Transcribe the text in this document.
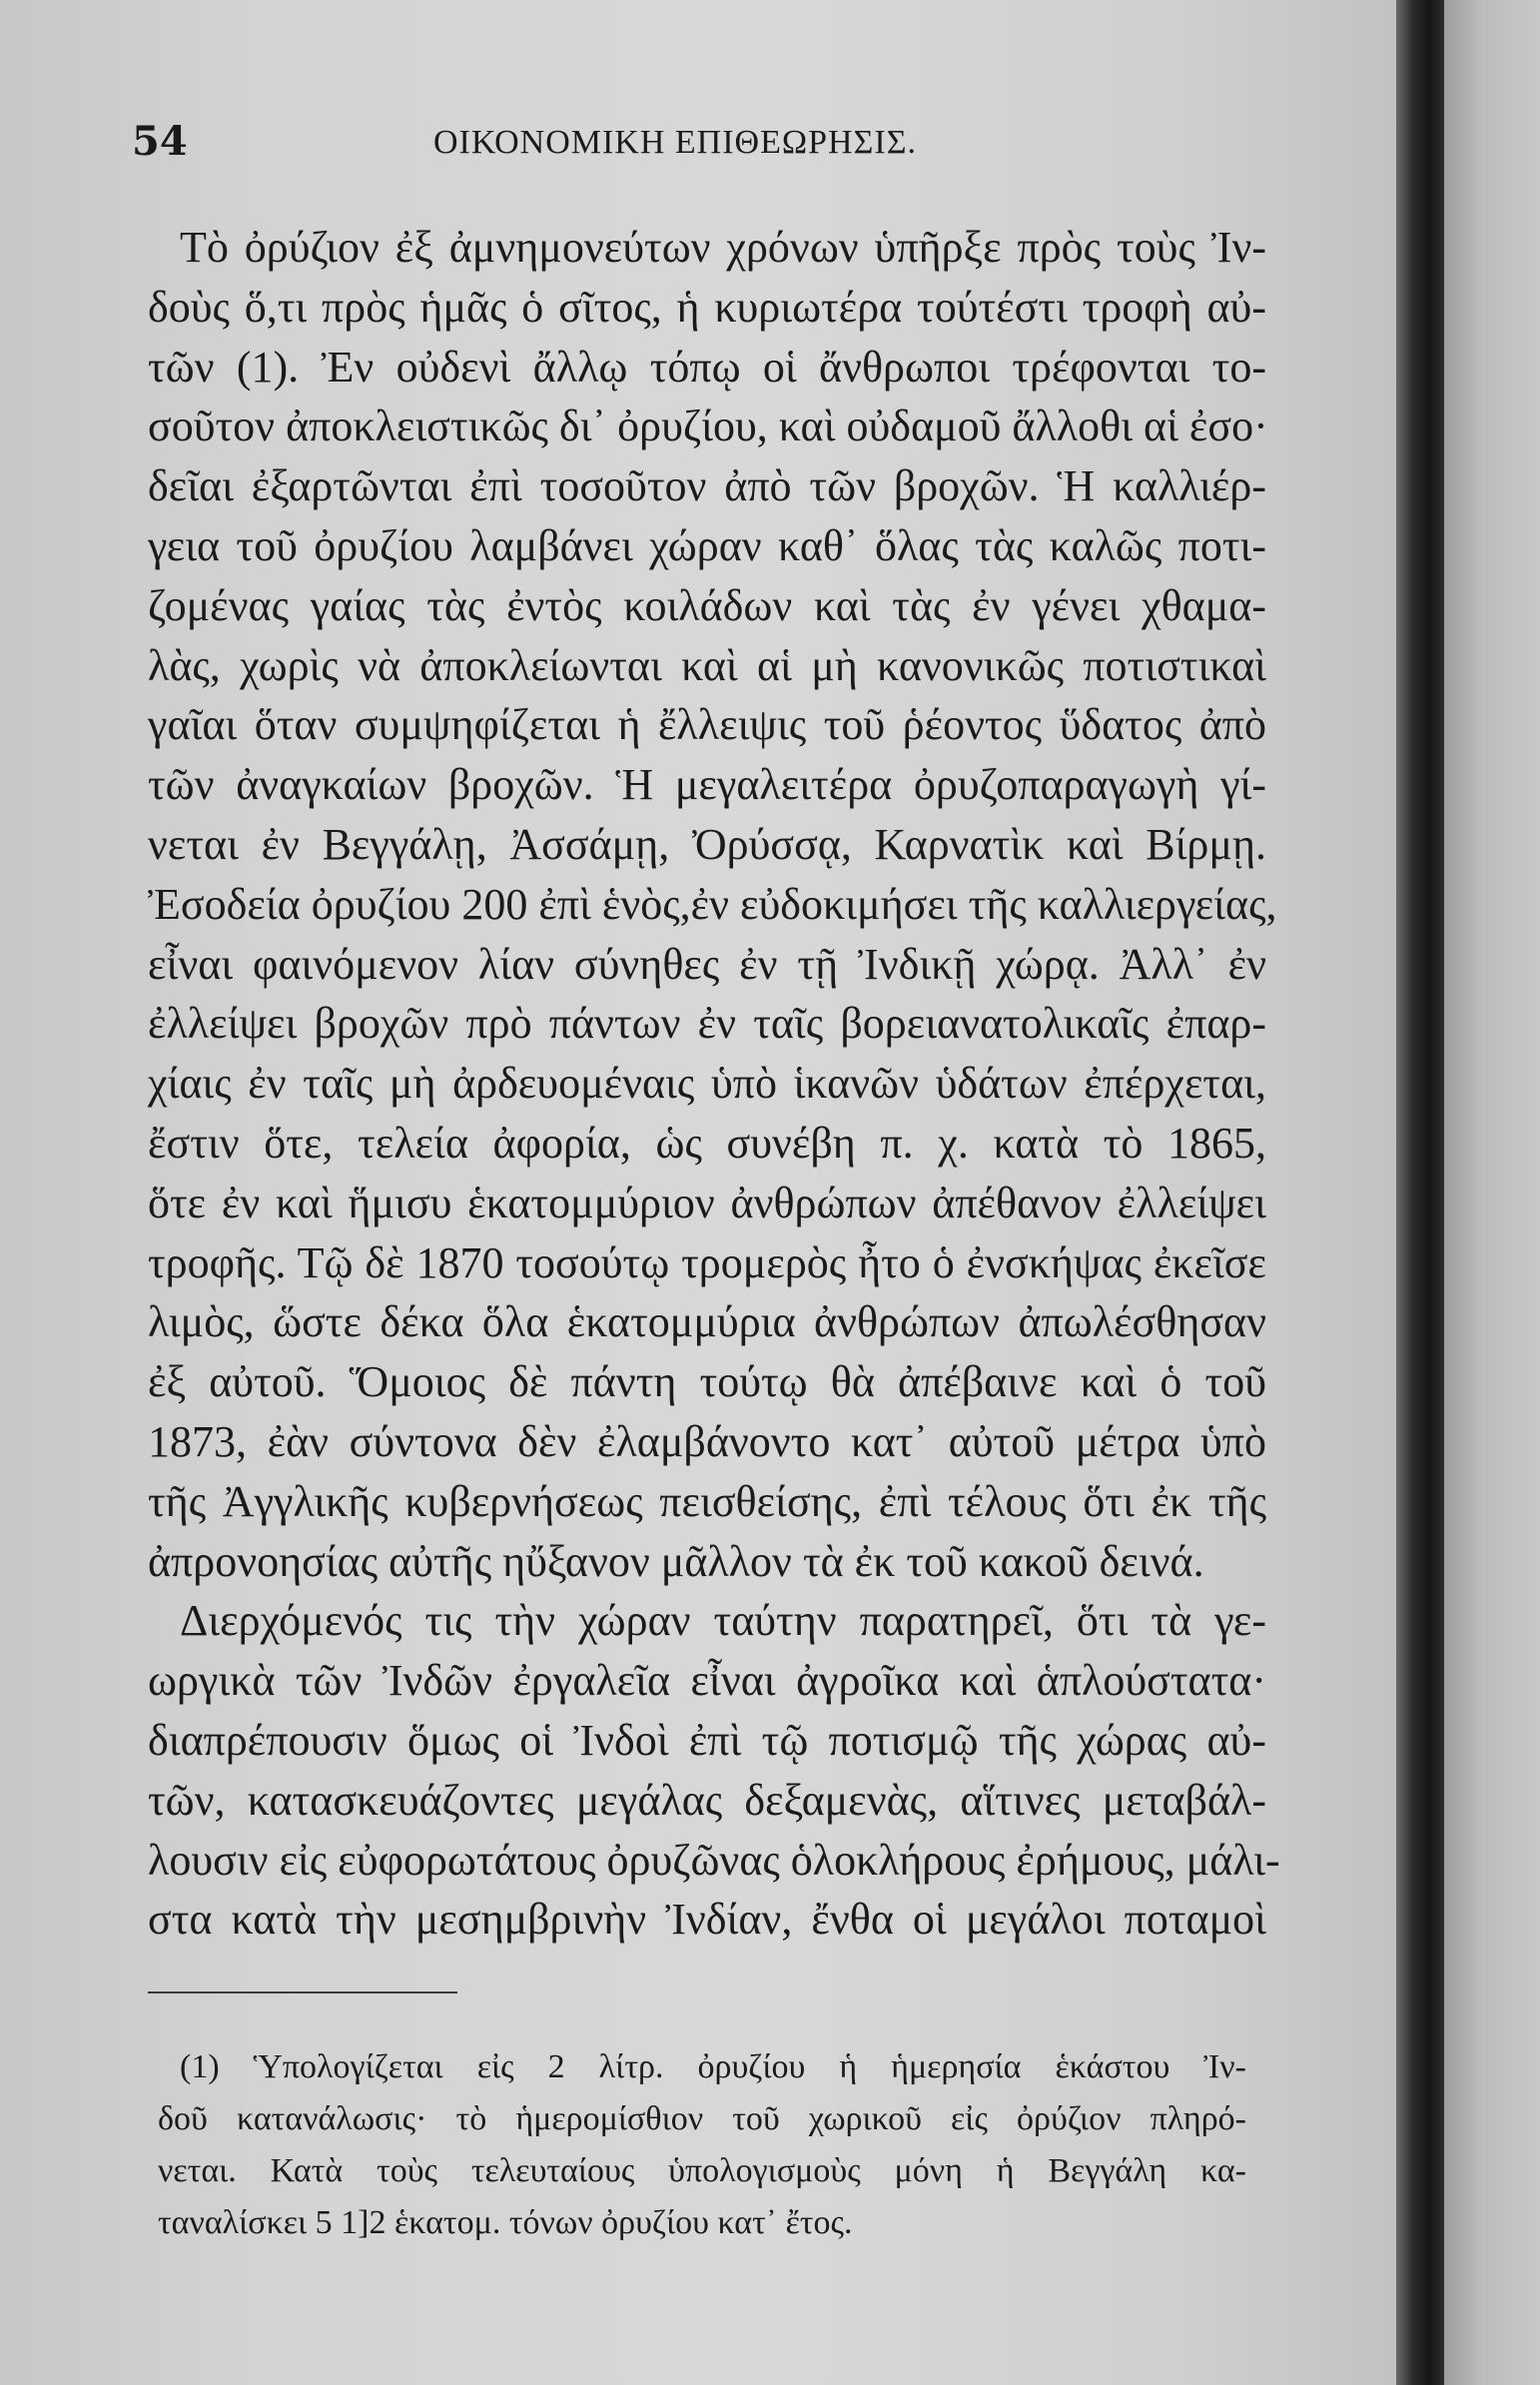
54	ΟΙΚΟΝΟΜΙΚΗ ΕΠΙΘΕΩΡΗΣΙΣ.
Τὸ ὀρύζιον ἐξ ἀμνημονεύτων χρόνων ὑπῆρξε πρὸς τοὺς Ἰν-
δοὺς ὅ,τι πρὸς ἡμᾶς ὁ σῖτος, ἡ κυριωτέρα τούτέστι τροφὴ αὐ-
τῶν (1). Ἐν οὐδενὶ ἄλλῳ τόπῳ οἱ ἄνθρωποι τρέφονται το-
σοῦτον ἀποκλειστικῶς δι᾿ ὀρυζίου, καὶ οὐδαμοῦ ἄλλοθι αἱ ἐσο·
δεῖαι ἐξαρτῶνται ἐπὶ τοσοῦτον ἀπὸ τῶν βροχῶν. Ἡ καλλιέρ-
γεια τοῦ ὀρυζίου λαμβάνει χώραν καθ᾿ ὅλας τὰς καλῶς ποτι-
ζομένας γαίας τὰς ἐντὸς κοιλάδων καὶ τὰς ἐν γένει χθαμα-
λὰς, χωρὶς νὰ ἀποκλείωνται καὶ αἱ μὴ κανονικῶς ποτιστικαὶ
γαῖαι ὅταν συμψηφίζεται ἡ ἔλλειψις τοῦ ῥέοντος ὕδατος ἀπὸ
τῶν ἀναγκαίων βροχῶν. Ἡ μεγαλειτέρα ὀρυζοπαραγωγὴ γί-
νεται ἐν Βεγγάλῃ, Ἀσσάμῃ, Ὀρύσσᾳ, Καρνατὶκ καὶ Βίρμῃ.
Ἐσοδεία ὀρυζίου 200 ἐπὶ ἑνὸς,ἐν εὐδοκιμήσει τῆς καλλιεργείας,
εἶναι φαινόμενον λίαν σύνηθες ἐν τῇ Ἰνδικῇ χώρᾳ. Ἀλλ᾿ ἐν
ἐλλείψει βροχῶν πρὸ πάντων ἐν ταῖς βορειανατολικαῖς ἐπαρ-
χίαις ἐν ταῖς μὴ ἀρδευομέναις ὑπὸ ἱκανῶν ὑδάτων ἐπέρχεται,
ἔστιν ὅτε, τελεία ἀφορία, ὡς συνέβη π. χ. κατὰ τὸ 1865,
ὅτε ἐν καὶ ἥμισυ ἑκατομμύριον ἀνθρώπων ἀπέθανον ἐλλείψει
τροφῆς. Τῷ δὲ 1870 τοσούτῳ τρομερὸς ἦτο ὁ ἐνσκήψας ἐκεῖσε
λιμὸς, ὥστε δέκα ὅλα ἑκατομμύρια ἀνθρώπων ἀπωλέσθησαν
ἐξ αὐτοῦ. Ὅμοιος δὲ πάντη τούτῳ θὰ ἀπέβαινε καὶ ὁ τοῦ
1873, ἐὰν σύντονα δὲν ἐλαμβάνοντο κατ᾿ αὐτοῦ μέτρα ὑπὸ
τῆς Ἀγγλικῆς κυβερνήσεως πεισθείσης, ἐπὶ τέλους ὅτι ἐκ τῆς
ἀπρονοησίας αὐτῆς ηὔξανον μᾶλλον τὰ ἐκ τοῦ κακοῦ δεινά.
Διερχόμενός τις τὴν χώραν ταύτην παρατηρεῖ, ὅτι τὰ γε-
ωργικὰ τῶν Ἰνδῶν ἐργαλεῖα εἶναι ἀγροῖκα καὶ ἁπλούστατα·
διαπρέπουσιν ὅμως οἱ Ἰνδοὶ ἐπὶ τῷ ποτισμῷ τῆς χώρας αὐ-
τῶν, κατασκευάζοντες μεγάλας δεξαμενὰς, αἵτινες μεταβάλ-
λουσιν εἰς εὐφορωτάτους ὀρυζῶνας ὁλοκλήρους ἐρήμους, μάλι-
στα κατὰ τὴν μεσημβρινὴν Ἰνδίαν, ἔνθα οἱ μεγάλοι ποταμοὶ
(1) Ὑπολογίζεται εἰς 2 λίτρ. ὀρυζίου ἡ ἡμερησία ἑκάστου Ἰν-
δοῦ κατανάλωσις· τὸ ἡμερομίσθιον τοῦ χωρικοῦ εἰς ὀρύζιον πληρό-
νεται. Κατὰ τοὺς τελευταίους ὑπολογισμοὺς μόνη ἡ Βεγγάλη κα-
ταναλίσκει 5 1]2 ἑκατομ. τόνων ὀρυζίου κατ᾿ ἔτος.
